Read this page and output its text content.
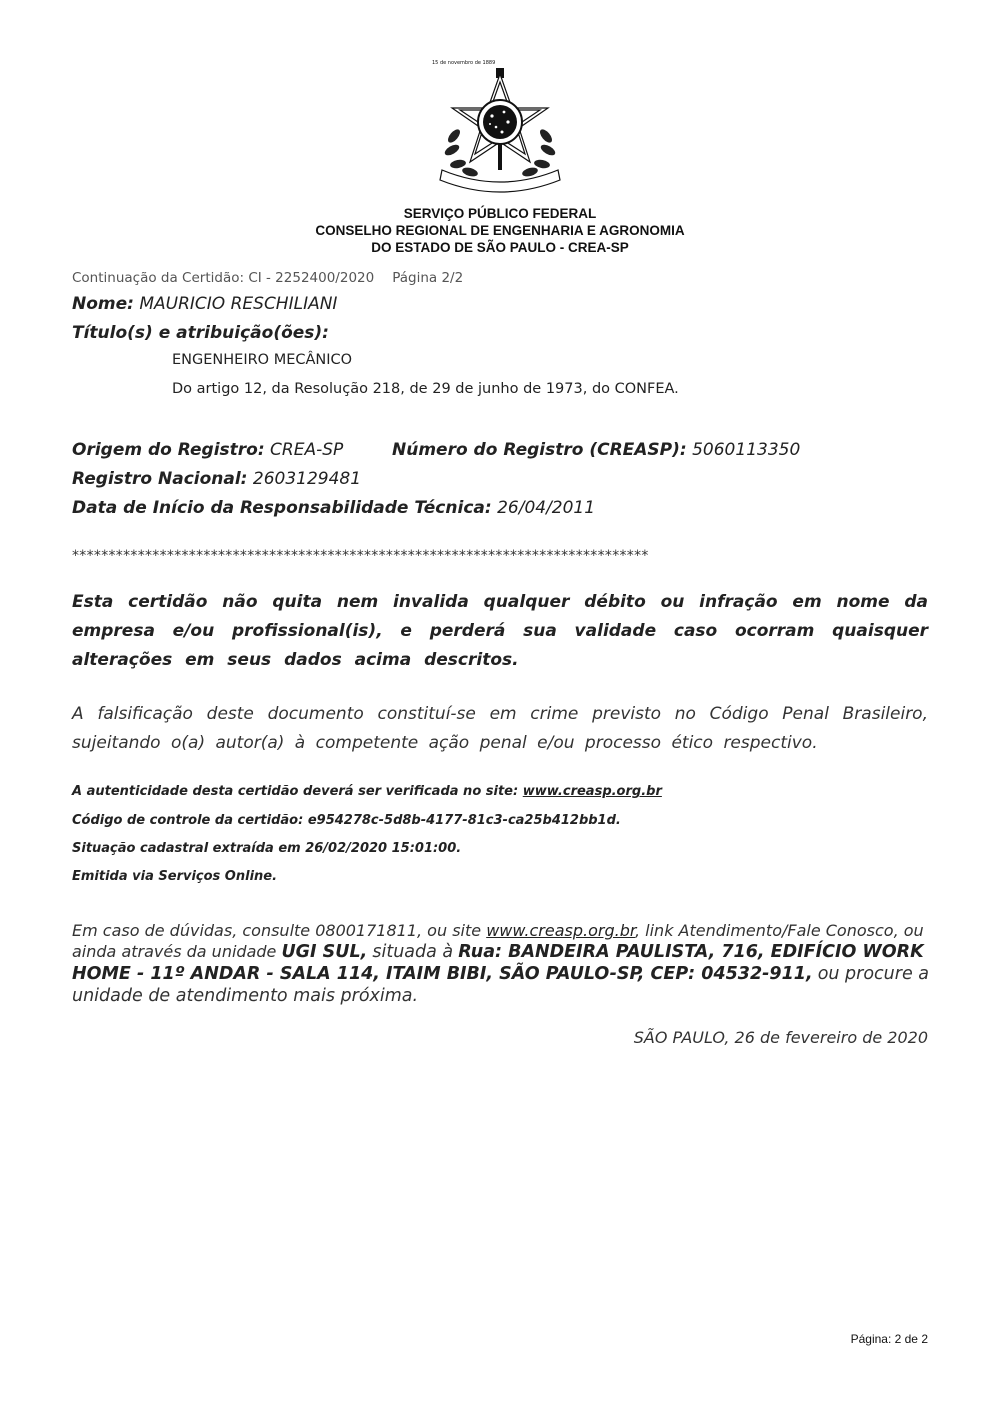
15 de novembro de 1889
SERVIÇO PÚBLICO FEDERAL
CONSELHO REGIONAL DE ENGENHARIA E AGRONOMIA
DO ESTADO DE SÃO PAULO - CREA-SP
Continuação da Certidão: CI - 2252400/2020 Página 2/2
Nome: MAURICIO RESCHILIANI
Título(s) e atribuição(ões):
ENGENHEIRO MECÂNICO
Do artigo 12, da Resolução 218, de 29 de junho de 1973, do CONFEA.
Origem do Registro: CREA-SP	Número do Registro (CREASP): 5060113350
Registro Nacional: 2603129481
Data de Início da Responsabilidade Técnica: 26/04/2011
*******************************************************************************
Esta certidão não quita nem invalida qualquer débito ou infração em nome da empresa e/ou profissional(is), e perderá sua validade caso ocorram quaisquer alterações em seus dados acima descritos.
A falsificação deste documento constituí-se em crime previsto no Código Penal Brasileiro, sujeitando o(a) autor(a) à competente ação penal e/ou processo ético respectivo.
A autenticidade desta certidão deverá ser verificada no site: www.creasp.org.br
Código de controle da certidão: e954278c-5d8b-4177-81c3-ca25b412bb1d.
Situação cadastral extraída em 26/02/2020 15:01:00.
Emitida via Serviços Online.
Em caso de dúvidas, consulte 0800171811, ou site www.creasp.org.br, link Atendimento/Fale Conosco, ou ainda através da unidade UGI SUL, situada à Rua: BANDEIRA PAULISTA, 716, EDIFÍCIO WORK HOME - 11º ANDAR - SALA 114, ITAIM BIBI, SÃO PAULO-SP, CEP: 04532-911, ou procure a unidade de atendimento mais próxima.
SÃO PAULO, 26 de fevereiro de 2020
Página: 2 de 2
